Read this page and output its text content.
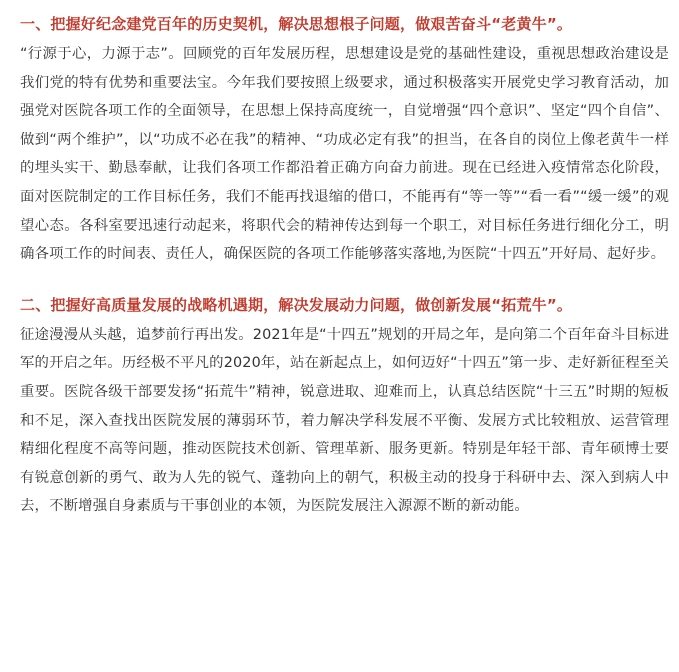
一、把握好纪念建党百年的历史契机，解决思想根子问题，做艰苦奋斗“老黄牛”。

“行源于心，力源于志”。回顾党的百年发展历程，思想建设是党的基础性建设，重视思想政治建设是我们党的特有优势和重要法宝。今年我们要按照上级要求，通过积极落实开展党史学习教育活动，加强党对医院各项工作的全面领导，在思想上保持高度统一，自觉增强“四个意识”、坚定“四个自信”、做到“两个维护”，以“功成不必在我”的精神、“功成必定有我”的担当，在各自的岗位上像老黄牛一样的埋头实干、勤恳奉献，让我们各项工作都沿着正确方向奋力前进。现在已经进入疫情常态化阶段，面对医院制定的工作目标任务，我们不能再找退缩的借口，不能再有“等一等”“看一看”“缓一缓”的观望心态。各科室要迅速行动起来，将职代会的精神传达到每一个职工，对目标任务进行细化分工，明确各项工作的时间表、责任人，确保医院的各项工作能够落实落地,为医院“十四五”开好局、起好步。

二、把握好高质量发展的战略机遇期，解决发展动力问题，做创新发展“拓荒牛”。

征途漫漫从头越，追梦前行再出发。2021年是“十四五”规划的开局之年，是向第二个百年奋斗目标进军的开启之年。历经极不平凡的2020年，站在新起点上，如何迈好“十四五”第一步、走好新征程至关重要。医院各级干部要发扬“拓荒牛”精神，锐意进取、迎难而上，认真总结医院“十三五”时期的短板和不足，深入查找出医院发展的薄弱环节，着力解决学科发展不平衡、发展方式比较粗放、运营管理精细化程度不高等问题，推动医院技术创新、管理革新、服务更新。特别是年轻干部、青年硕博士要有锐意创新的勇气、敢为人先的锐气、蓬勃向上的朝气，积极主动的投身于科研中去、深入到病人中去，不断增强自身素质与干事创业的本领，为医院发展注入源源不断的新动能。
